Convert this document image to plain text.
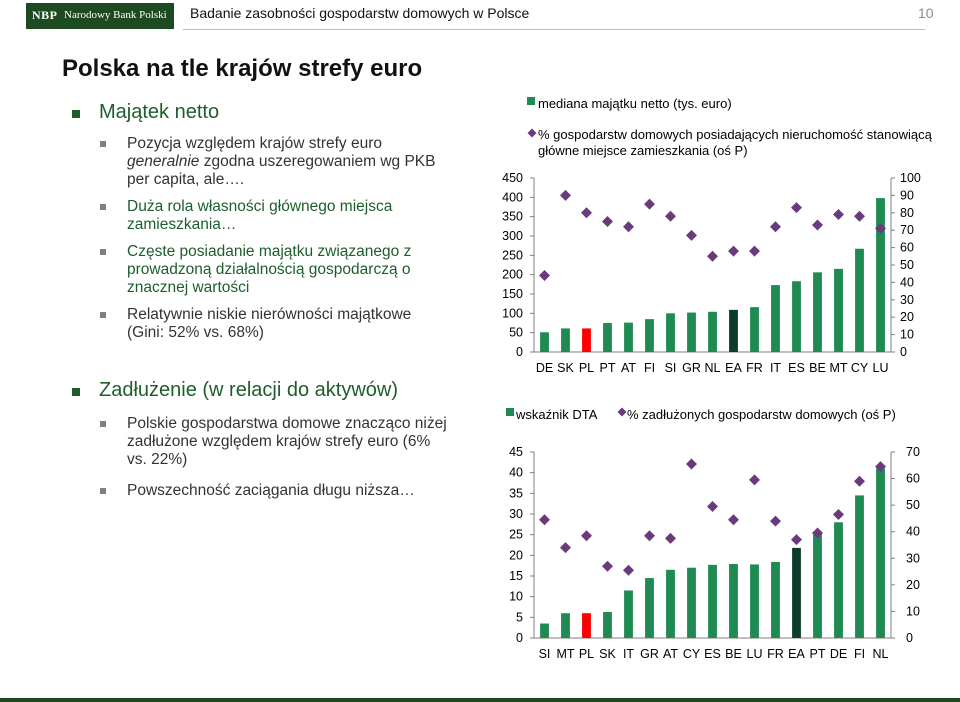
NBP Narodowy Bank Polski Badanie zasobności gospodarstw domowych w Polsce	10
Polska na tle krajów strefy euro
Majątek netto
Pozycja względem krajów strefy euro generalnie zgodna uszeregowaniem wg PKB per capita, ale….
Duża rola własności głównego miejsca zamieszkania…
Częste posiadanie majątku związanego z prowadzoną działalnością gospodarczą o znacznej wartości
Relatywnie niskie nierówności majątkowe (Gini: 52% vs. 68%)
Zadłużenie (w relacji do aktywów)
Polskie gospodarstwa domowe znacząco niżej zadłużone względem krajów strefy euro (6% vs. 22%)
Powszechność zaciągania długu niższa…
0
50
100
150
200
250
300
350
400
450
0
10
20
30
40
50
60
70
80
90
100
DE SK PL PT AT FI SI GR NL EA FR IT ES BE MT CY LU
mediana majątku netto (tys. euro)
% gospodarstw domowych posiadających nieruchomość stanowiącą główne miejsce zamieszkania (oś P)
0
5
10
15
20
25
30
35
40
45
0
10
20
30
40
50
60
70
SI MT PL SK IT GR AT CY ES BE LU FR EA PT DE FI NL
wskaźnik DTA % zadłużonych gospodarstw domowych (oś P)
